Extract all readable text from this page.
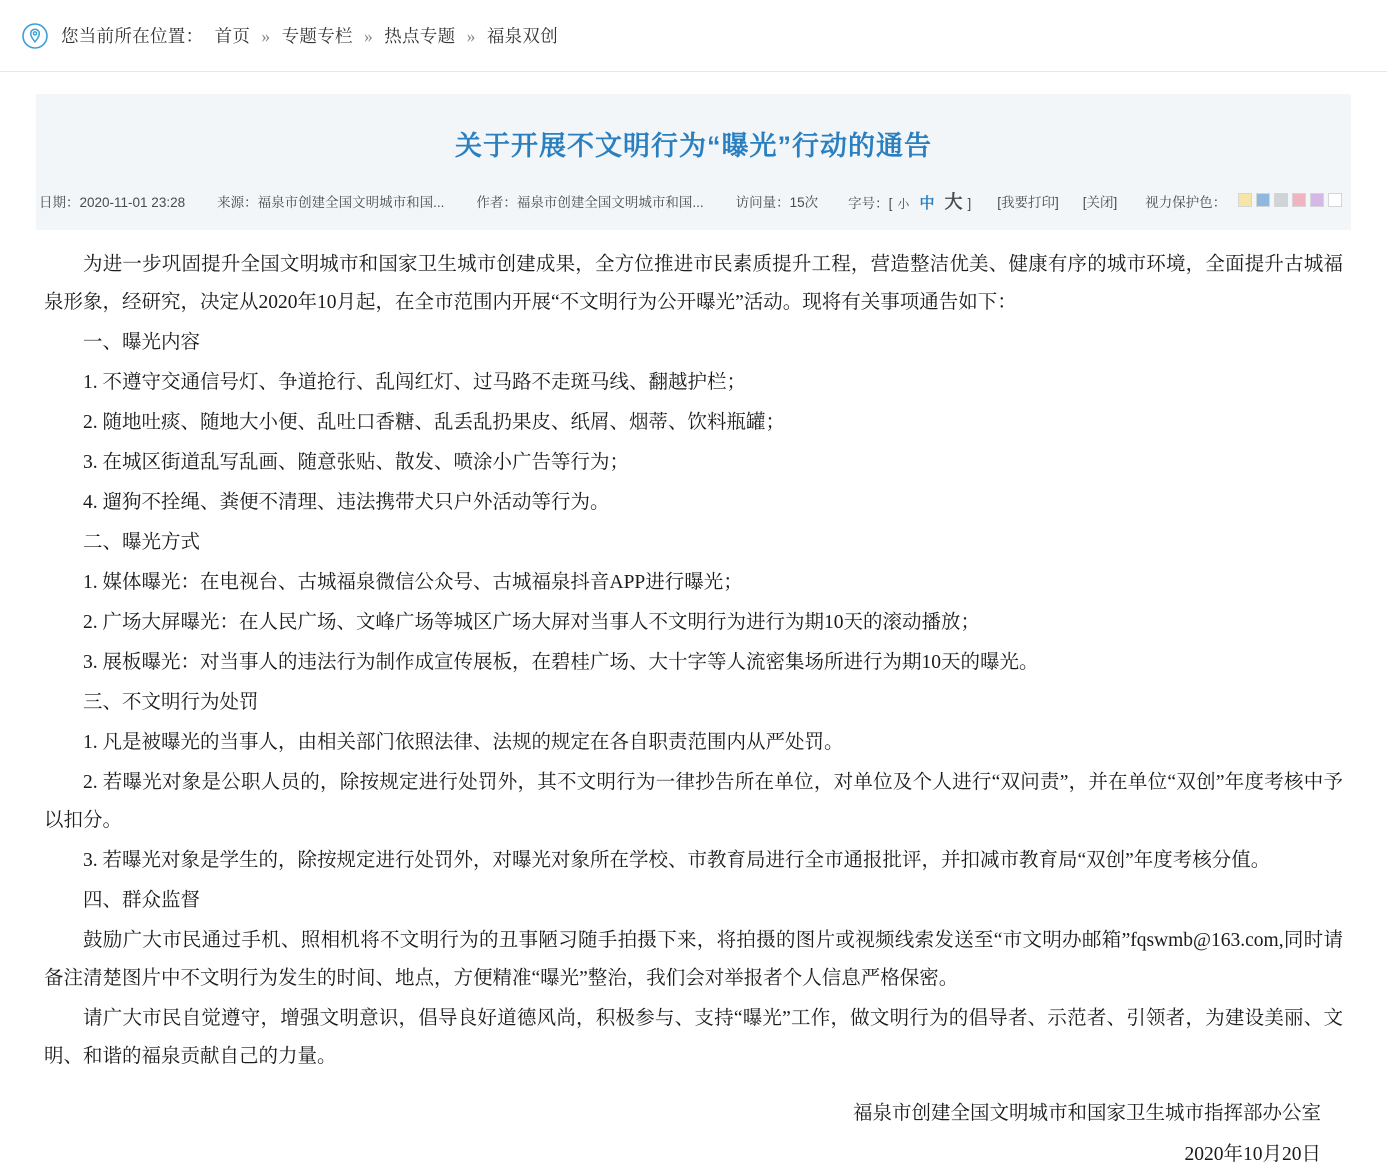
您当前所在位置： 首页 » 专题专栏 » 热点专题 » 福泉双创
关于开展不文明行为“曝光”行动的通告
日期：2020-11-01 23:28 来源：福泉市创建全国文明城市和国... 作者：福泉市创建全国文明城市和国... 访问量：15次 字号：[ 小 中 大 ] [我要打印] [关闭] 视力保护色：

为进一步巩固提升全国文明城市和国家卫生城市创建成果，全方位推进市民素质提升工程，营造整洁优美、健康有序的城市环境，全面提升古城福泉形象，经研究，决定从2020年10月起，在全市范围内开展“不文明行为公开曝光”活动。现将有关事项通告如下：

一、曝光内容

1. 不遵守交通信号灯、争道抢行、乱闯红灯、过马路不走斑马线、翻越护栏；

2. 随地吐痰、随地大小便、乱吐口香糖、乱丢乱扔果皮、纸屑、烟蒂、饮料瓶罐；

3. 在城区街道乱写乱画、随意张贴、散发、喷涂小广告等行为；

4. 遛狗不拴绳、粪便不清理、违法携带犬只户外活动等行为。

二、曝光方式

1. 媒体曝光：在电视台、古城福泉微信公众号、古城福泉抖音APP进行曝光；

2. 广场大屏曝光：在人民广场、文峰广场等城区广场大屏对当事人不文明行为进行为期10天的滚动播放；

3. 展板曝光：对当事人的违法行为制作成宣传展板，在碧桂广场、大十字等人流密集场所进行为期10天的曝光。

三、不文明行为处罚

1. 凡是被曝光的当事人，由相关部门依照法律、法规的规定在各自职责范围内从严处罚。

2. 若曝光对象是公职人员的，除按规定进行处罚外，其不文明行为一律抄告所在单位，对单位及个人进行“双问责”，并在单位“双创”年度考核中予以扣分。

3. 若曝光对象是学生的，除按规定进行处罚外，对曝光对象所在学校、市教育局进行全市通报批评，并扣减市教育局“双创”年度考核分值。

四、群众监督

鼓励广大市民通过手机、照相机将不文明行为的丑事陋习随手拍摄下来，将拍摄的图片或视频线索发送至“市文明办邮箱”fqswmb@163.com,同时请备注清楚图片中不文明行为发生的时间、地点，方便精准“曝光”整治，我们会对举报者个人信息严格保密。

请广大市民自觉遵守，增强文明意识，倡导良好道德风尚，积极参与、支持“曝光”工作，做文明行为的倡导者、示范者、引领者，为建设美丽、文明、和谐的福泉贡献自己的力量。

福泉市创建全国文明城市和国家卫生城市指挥部办公室
2020年10月20日
